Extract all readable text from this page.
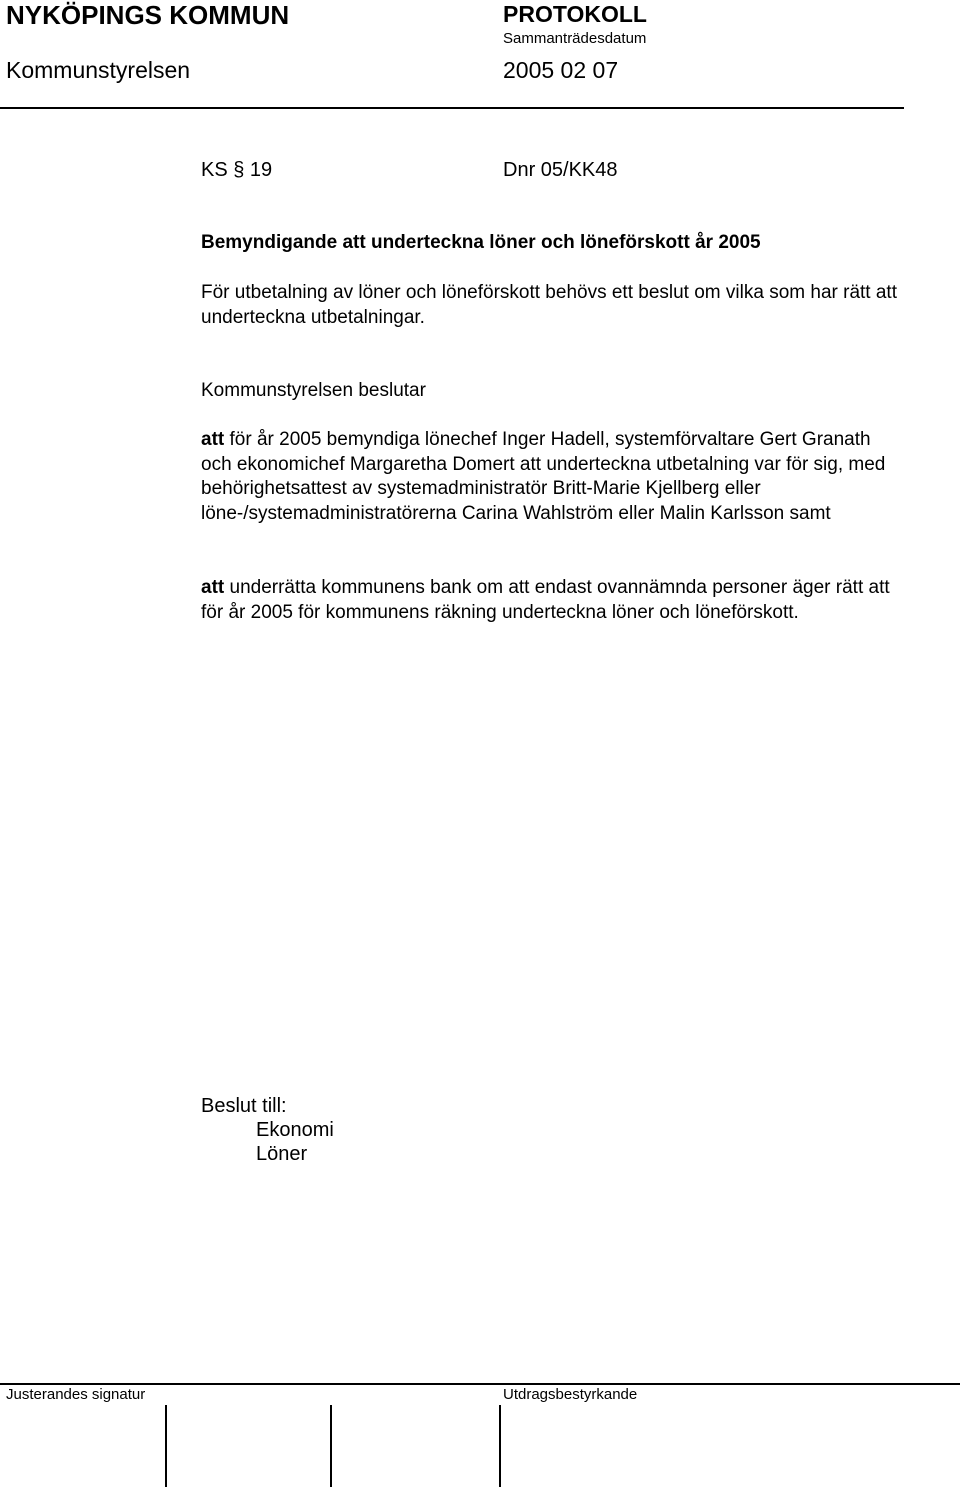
NYKÖPINGS KOMMUN	PROTOKOLL
Sammanträdesdatum
Kommunstyrelsen	2005 02 07
KS § 19	Dnr 05/KK48
Bemyndigande att underteckna löner och löneförskott år 2005
För utbetalning av löner och löneförskott behövs ett beslut om vilka som har rätt att underteckna utbetalningar.
Kommunstyrelsen beslutar
att för år 2005 bemyndiga lönechef Inger Hadell, systemförvaltare Gert Granath och ekonomichef Margaretha Domert att underteckna utbetalning var för sig, med behörighetsattest av systemadministratör Britt-Marie Kjellberg eller löne-/systemadministratörerna Carina Wahlström eller Malin Karlsson samt
att underrätta kommunens bank om att endast ovannämnda personer äger rätt att för år 2005 för kommunens räkning underteckna löner och löneförskott.
Beslut till:
Ekonomi
Löner
Justerandes signatur	Utdragsbestyrkande
